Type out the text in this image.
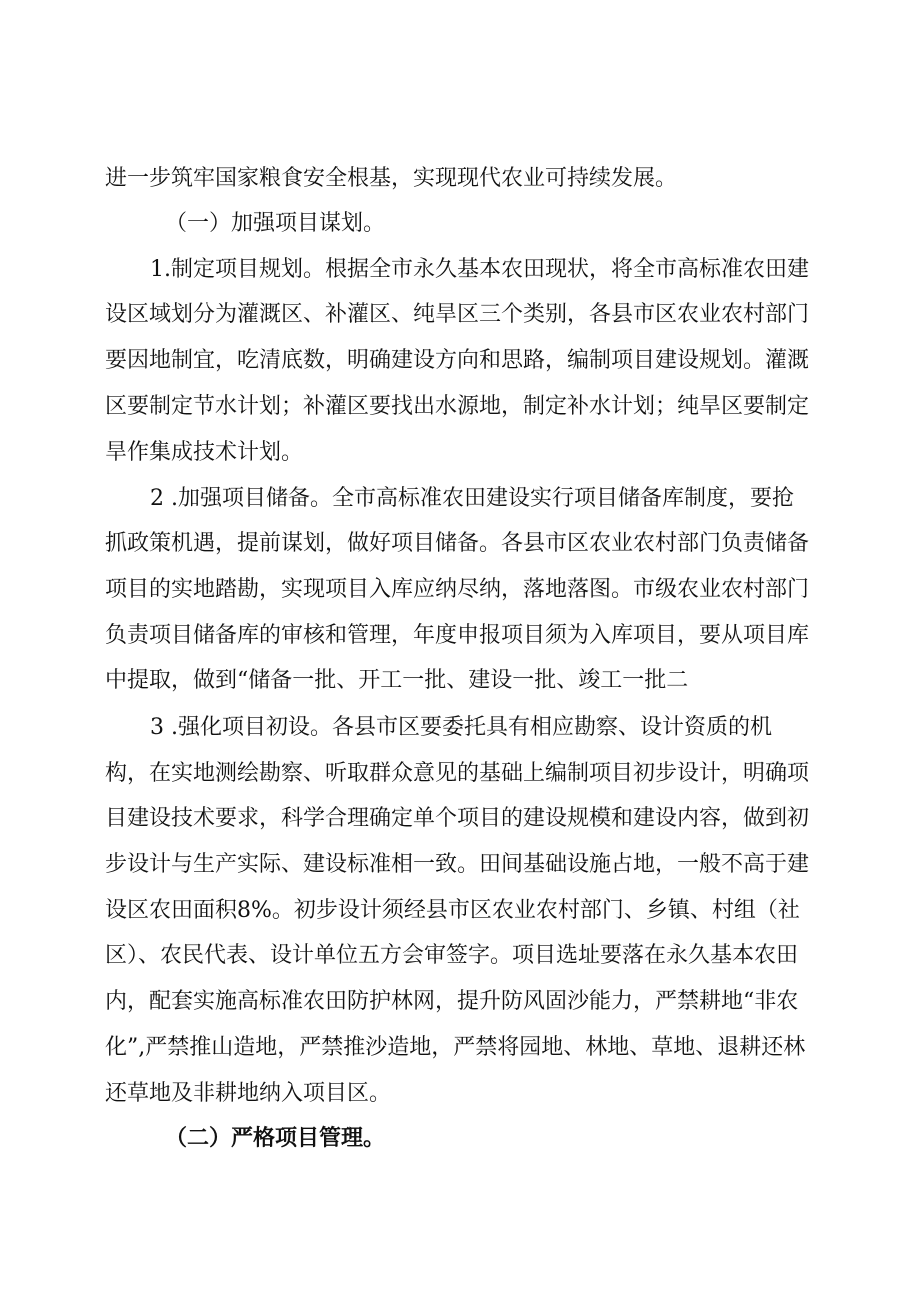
进一步筑牢国家粮食安全根基，实现现代农业可持续发展。
（一）加强项目谋划。
1.制定项目规划。根据全市永久基本农田现状，将全市高标准农田建
设区域划分为灌溉区、补灌区、纯旱区三个类别，各县市区农业农村部门
要因地制宜，吃清底数，明确建设方向和思路，编制项目建设规划。灌溉
区要制定节水计划；补灌区要找出水源地，制定补水计划；纯旱区要制定
旱作集成技术计划。
2 .加强项目储备。全市高标准农田建设实行项目储备库制度，要抢
抓政策机遇，提前谋划，做好项目储备。各县市区农业农村部门负责储备
项目的实地踏勘，实现项目入库应纳尽纳，落地落图。市级农业农村部门
负责项目储备库的审核和管理，年度申报项目须为入库项目，要从项目库
中提取，做到“储备一批、开工一批、建设一批、竣工一批二
3 .强化项目初设。各县市区要委托具有相应勘察、设计资质的机
构，在实地测绘勘察、听取群众意见的基础上编制项目初步设计，明确项
目建设技术要求，科学合理确定单个项目的建设规模和建设内容，做到初
步设计与生产实际、建设标准相一致。田间基础设施占地，一般不高于建
设区农田面积8%。初步设计须经县市区农业农村部门、乡镇、村组（社
区）、农民代表、设计单位五方会审签字。项目选址要落在永久基本农田
内，配套实施高标准农田防护林网，提升防风固沙能力，严禁耕地“非农
化”,严禁推山造地，严禁推沙造地，严禁将园地、林地、草地、退耕还林
还草地及非耕地纳入项目区。
（二）严格项目管理。
